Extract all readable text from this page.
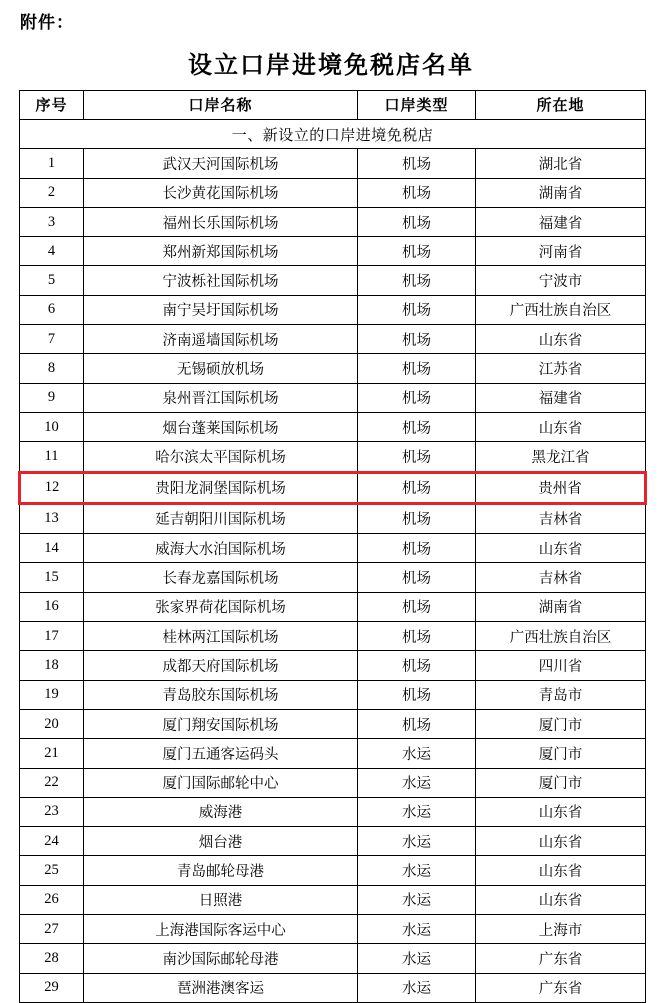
附件：
设立口岸进境免税店名单
序号	口岸名称	口岸类型	所在地
一、新设立的口岸进境免税店			
1	武汉天河国际机场	机场	湖北省
2	长沙黄花国际机场	机场	湖南省
3	福州长乐国际机场	机场	福建省
4	郑州新郑国际机场	机场	河南省
5	宁波栎社国际机场	机场	宁波市
6	南宁吴圩国际机场	机场	广西壮族自治区
7	济南遥墙国际机场	机场	山东省
8	无锡硕放机场	机场	江苏省
9	泉州晋江国际机场	机场	福建省
10	烟台蓬莱国际机场	机场	山东省
11	哈尔滨太平国际机场	机场	黑龙江省
12	贵阳龙洞堡国际机场	机场	贵州省
13	延吉朝阳川国际机场	机场	吉林省
14	威海大水泊国际机场	机场	山东省
15	长春龙嘉国际机场	机场	吉林省
16	张家界荷花国际机场	机场	湖南省
17	桂林两江国际机场	机场	广西壮族自治区
18	成都天府国际机场	机场	四川省
19	青岛胶东国际机场	机场	青岛市
20	厦门翔安国际机场	机场	厦门市
21	厦门五通客运码头	水运	厦门市
22	厦门国际邮轮中心	水运	厦门市
23	威海港	水运	山东省
24	烟台港	水运	山东省
25	青岛邮轮母港	水运	山东省
26	日照港	水运	山东省
27	上海港国际客运中心	水运	上海市
28	南沙国际邮轮母港	水运	广东省
29	琶洲港澳客运	水运	广东省
